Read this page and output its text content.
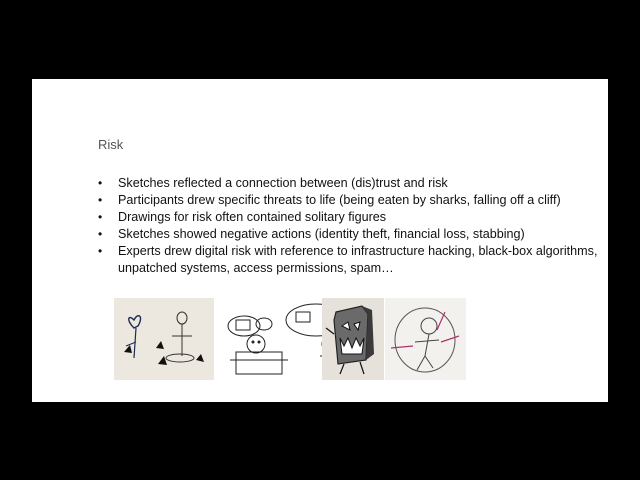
Risk
• Sketches reflected a connection between (dis)trust and risk
• Participants drew specific threats to life (being eaten by sharks, falling off a cliff)
• Drawings for risk often contained solitary figures
• Sketches showed negative actions (identity theft, financial loss, stabbing)
• Experts drew digital risk with reference to infrastructure hacking, black-box algorithms, unpatched systems, access permissions, spam…
